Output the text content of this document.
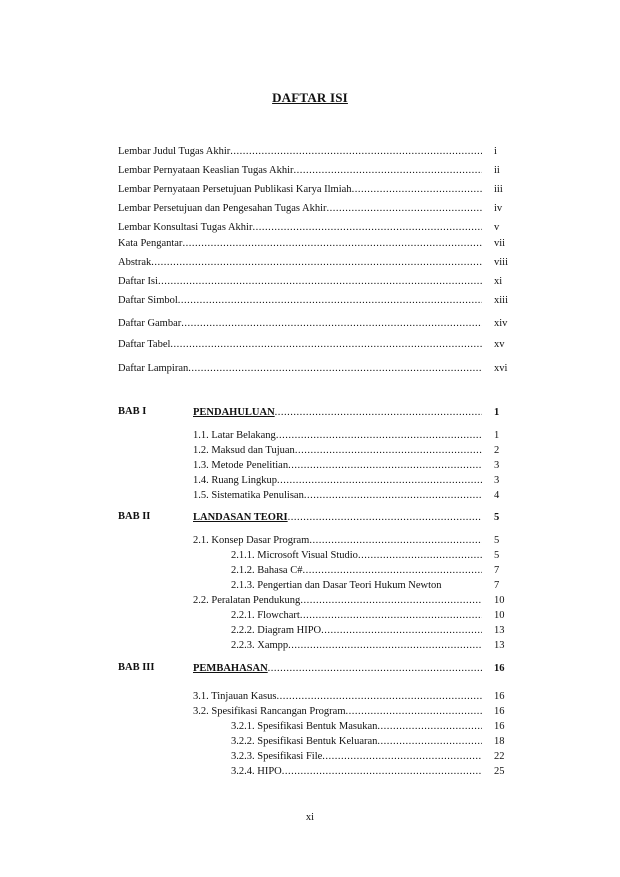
DAFTAR ISI
Lembar Judul Tugas Akhir .....	i
Lembar Pernyataan Keaslian Tugas Akhir .....	ii
Lembar Pernyataan Persetujuan Publikasi Karya Ilmiah .....	iii
Lembar Persetujuan dan Pengesahan Tugas Akhir .....	iv
Lembar Konsultasi Tugas Akhir .....	v
Kata Pengantar .....	vii
Abstrak .....	viii
Daftar Isi .....	xi
Daftar Simbol .....	xiii
Daftar Gambar .....	xiv
Daftar Tabel .....	xv
Daftar Lampiran .....	xvi
BAB I	PENDAHULUAN .....	1
1.1. Latar Belakang .....	1
1.2. Maksud dan Tujuan .....	2
1.3. Metode Penelitian .....	3
1.4. Ruang Lingkup .....	3
1.5. Sistematika Penulisan .....	4
BAB II	LANDASAN TEORI .....	5
2.1. Konsep Dasar Program .....	5
2.1.1. Microsoft Visual Studio .....	5
2.1.2. Bahasa C# .....	7
2.1.3. Pengertian dan Dasar Teori Hukum Newton	7
2.2. Peralatan Pendukung .....	10
2.2.1. Flowchart .....	10
2.2.2. Diagram HIPO .....	13
2.2.3. Xampp .....	13
BAB III	PEMBAHASAN .....	16
3.1. Tinjauan Kasus .....	16
3.2. Spesifikasi Rancangan Program .....	16
3.2.1. Spesifikasi Bentuk Masukan .....	16
3.2.2. Spesifikasi Bentuk Keluaran .....	18
3.2.3. Spesifikasi File .....	22
3.2.4. HIPO .....	25
xi
